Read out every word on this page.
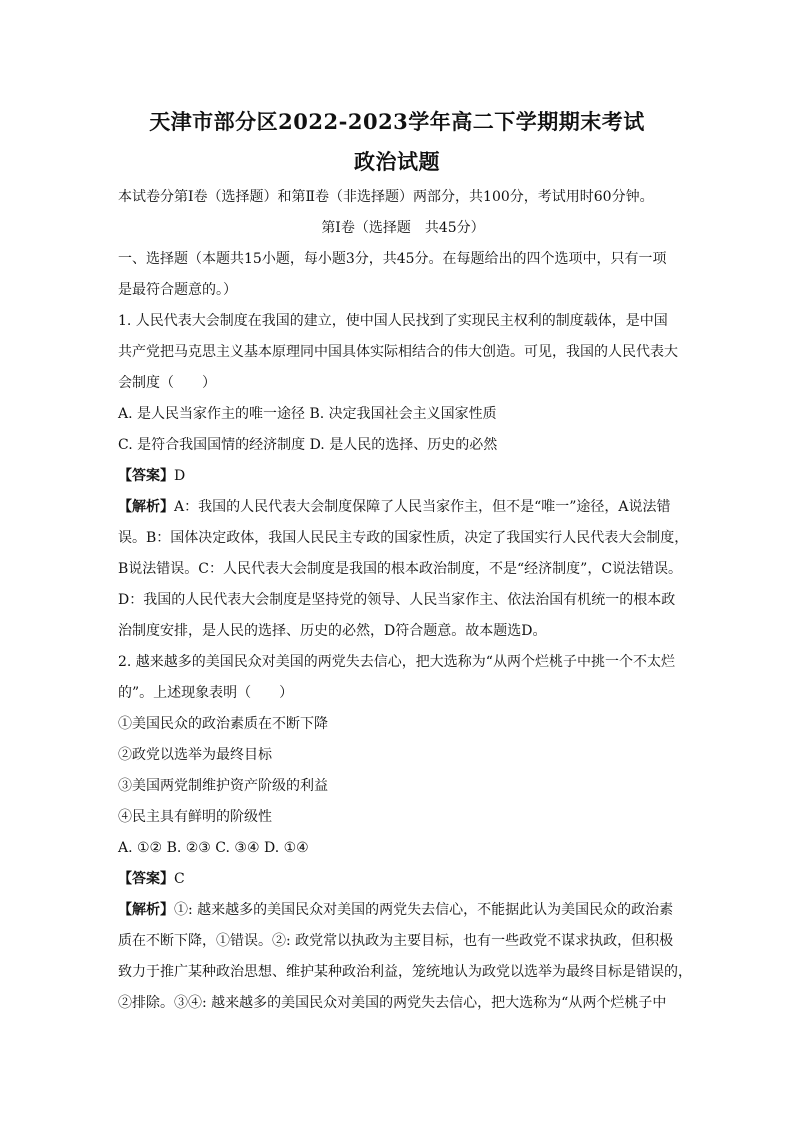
天津市部分区2022-2023学年高二下学期期末考试
政治试题
本试卷分第Ⅰ卷（选择题）和第Ⅱ卷（非选择题）两部分，共100分，考试用时60分钟。
第Ⅰ卷（选择题　共45分）
一、选择题（本题共15小题，每小题3分，共45分。在每题给出的四个选项中，只有一项
是最符合题意的。）
1. 人民代表大会制度在我国的建立，使中国人民找到了实现民主权利的制度载体，是中国
共产党把马克思主义基本原理同中国具体实际相结合的伟大创造。可见，我国的人民代表大
会制度（　　）
A. 是人民当家作主的唯一途径 B. 决定我国社会主义国家性质
C. 是符合我国国情的经济制度 D. 是人民的选择、历史的必然
【答案】D
【解析】A：我国的人民代表大会制度保障了人民当家作主，但不是“唯一”途径，A说法错
误。B：国体决定政体，我国人民民主专政的国家性质，决定了我国实行人民代表大会制度，
B说法错误。C：人民代表大会制度是我国的根本政治制度，不是“经济制度”，C说法错误。
D：我国的人民代表大会制度是坚持党的领导、人民当家作主、依法治国有机统一的根本政
治制度安排，是人民的选择、历史的必然，D符合题意。故本题选D。
2. 越来越多的美国民众对美国的两党失去信心，把大选称为“从两个烂桃子中挑一个不太烂
的”。上述现象表明（　　）
①美国民众的政治素质在不断下降
②政党以选举为最终目标
③美国两党制维护资产阶级的利益
④民主具有鲜明的阶级性
A. ①② B. ②③ C. ③④ D. ①④
【答案】C
【解析】①: 越来越多的美国民众对美国的两党失去信心，不能据此认为美国民众的政治素
质在不断下降，①错误。②: 政党常以执政为主要目标，也有一些政党不谋求执政，但积极
致力于推广某种政治思想、维护某种政治利益，笼统地认为政党以选举为最终目标是错误的，
②排除。③④: 越来越多的美国民众对美国的两党失去信心，把大选称为“从两个烂桃子中
